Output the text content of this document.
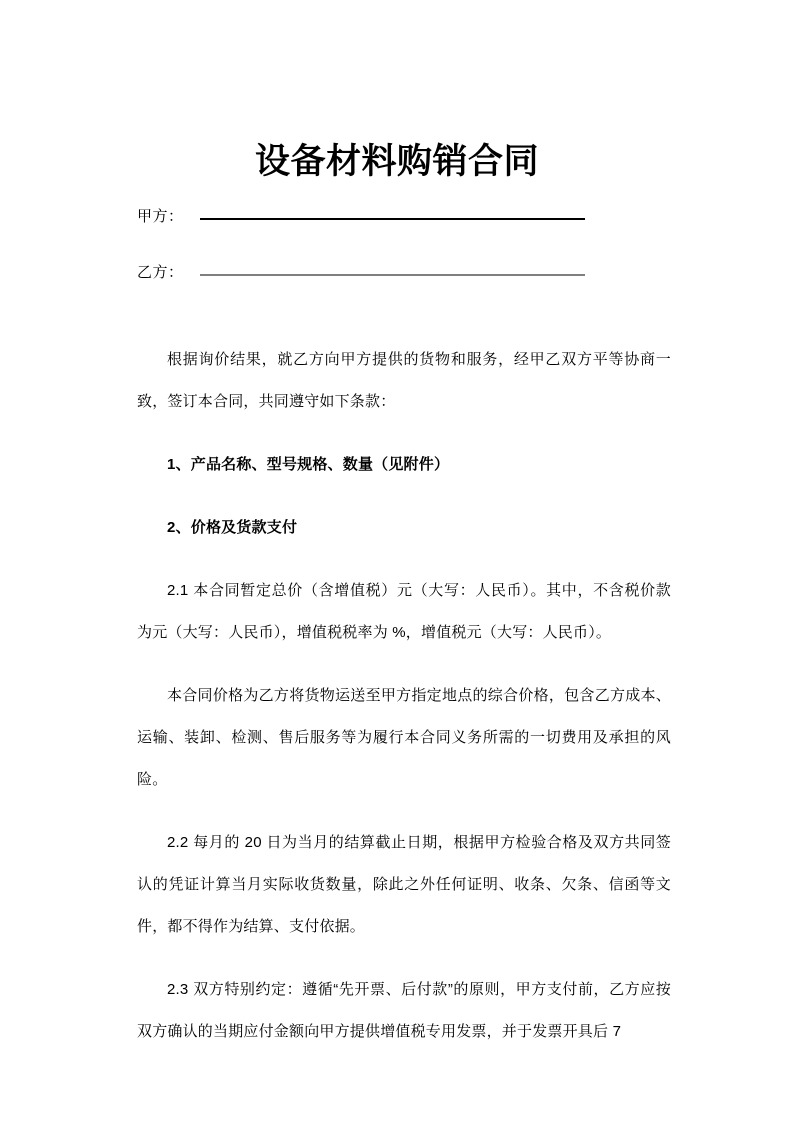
设备材料购销合同
甲方：
乙方：

根据询价结果，就乙方向甲方提供的货物和服务，经甲乙双方平等协商一致，签订本合同，共同遵守如下条款：

1、产品名称、型号规格、数量（见附件）

2、价格及货款支付

2.1 本合同暂定总价（含增值税）元（大写：人民币）。其中，不含税价款为元（大写：人民币），增值税税率为 %，增值税元（大写：人民币）。

本合同价格为乙方将货物运送至甲方指定地点的综合价格，包含乙方成本、运输、装卸、检测、售后服务等为履行本合同义务所需的一切费用及承担的风险。

2.2 每月的 20 日为当月的结算截止日期，根据甲方检验合格及双方共同签认的凭证计算当月实际收货数量，除此之外任何证明、收条、欠条、信函等文件，都不得作为结算、支付依据。

2.3 双方特别约定：遵循“先开票、后付款”的原则，甲方支付前，乙方应按双方确认的当期应付金额向甲方提供增值税专用发票，并于发票开具后 7
